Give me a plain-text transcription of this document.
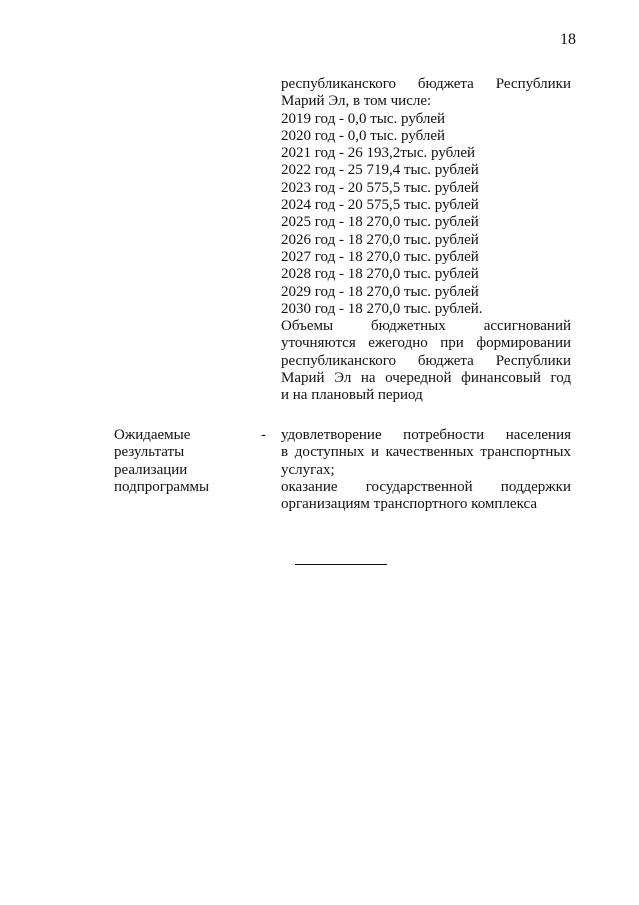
18
республиканского бюджета Республики
Марий Эл, в том числе:
2019 год - 0,0 тыс. рублей
2020 год - 0,0 тыс. рублей
2021 год - 26 193,2тыс. рублей
2022 год - 25 719,4 тыс. рублей
2023 год - 20 575,5 тыс. рублей
2024 год - 20 575,5 тыс. рублей
2025 год - 18 270,0 тыс. рублей
2026 год - 18 270,0 тыс. рублей
2027 год - 18 270,0 тыс. рублей
2028 год - 18 270,0 тыс. рублей
2029 год - 18 270,0 тыс. рублей
2030 год - 18 270,0 тыс. рублей.
Объемы бюджетных ассигнований
уточняются ежегодно при формировании
республиканского бюджета Республики
Марий Эл на очередной финансовый год
и на плановый период
Ожидаемые
результаты
реализации
подпрограммы
- удовлетворение потребности населения
в доступных и качественных транспортных
услугах;
оказание государственной поддержки
организациям транспортного комплекса
